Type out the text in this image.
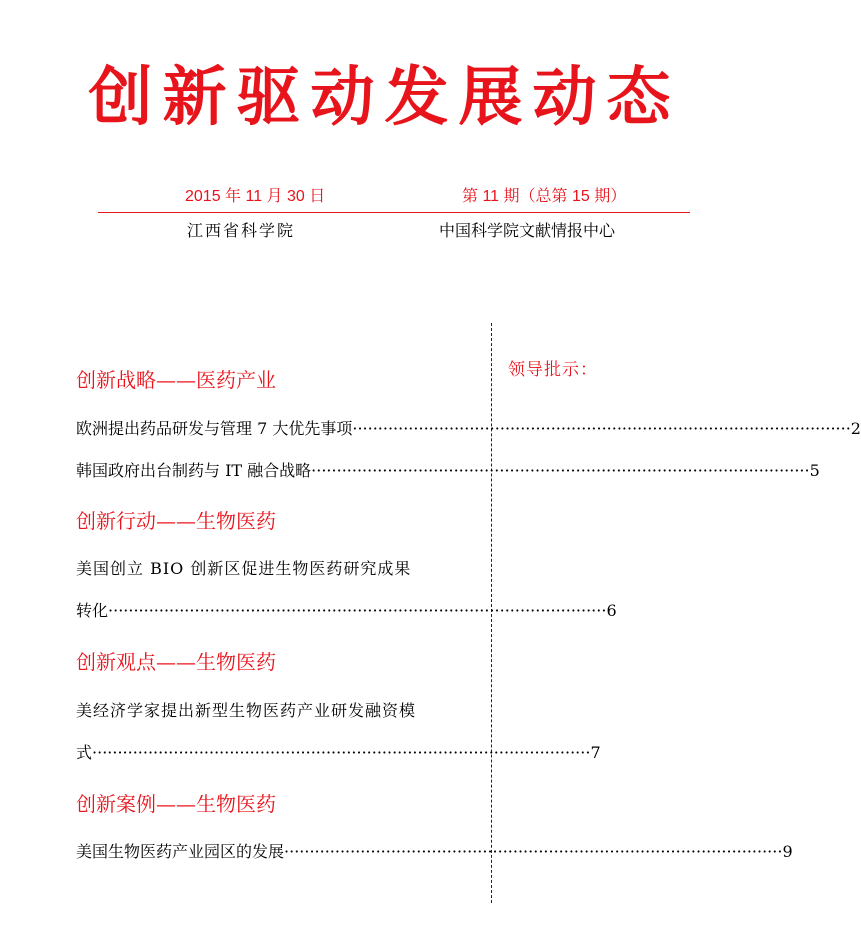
创新驱动发展动态
2015 年 11 月 30 日	第 11 期（总第 15 期）
江西省科学院	中国科学院文献情报中心
领导批示：
创新战略——医药产业
欧洲提出药品研发与管理 7 大优先事项 ·································································································· 2
韩国政府出台制药与 IT 融合战略 ·································································································· 5
创新行动——生物医药
美国创立 BIO 创新区促进生物医药研究成果
转化 ·································································································· 6
创新观点——生物医药
美经济学家提出新型生物医药产业研发融资模
式 ·································································································· 7
创新案例——生物医药
美国生物医药产业园区的发展 ·································································································· 9
